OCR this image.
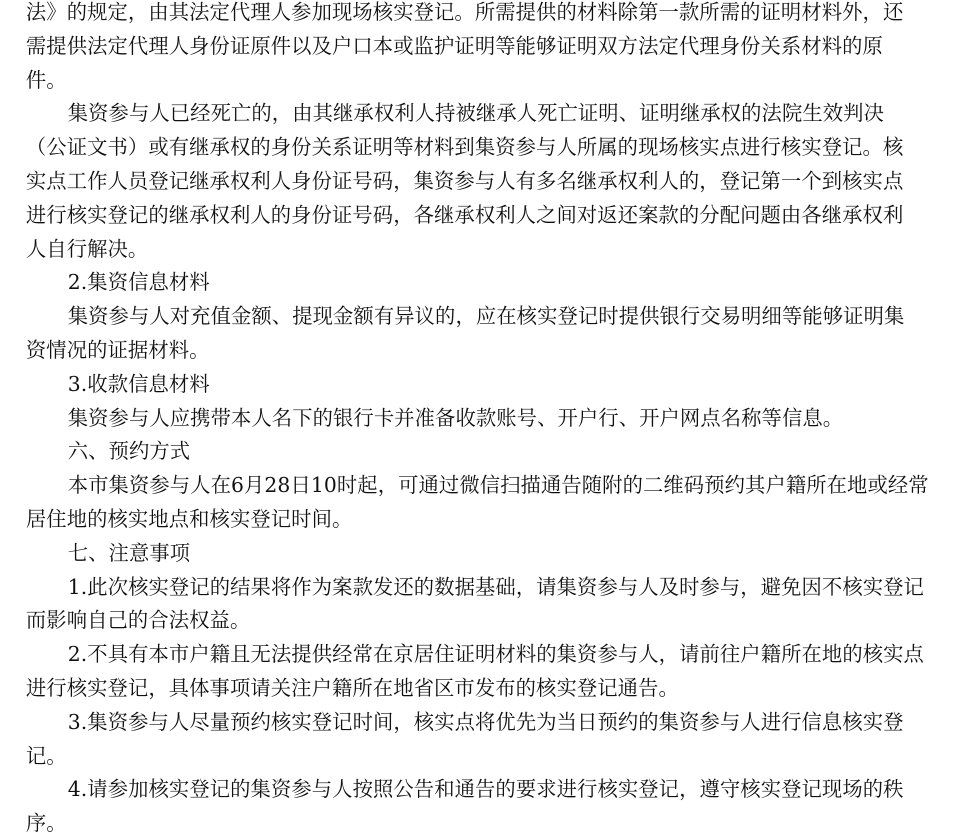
法》的规定，由其法定代理人参加现场核实登记。所需提供的材料除第一款所需的证明材料外，还
需提供法定代理人身份证原件以及户口本或监护证明等能够证明双方法定代理身份关系材料的原
件。
集资参与人已经死亡的，由其继承权利人持被继承人死亡证明、证明继承权的法院生效判决
（公证文书）或有继承权的身份关系证明等材料到集资参与人所属的现场核实点进行核实登记。核
实点工作人员登记继承权利人身份证号码，集资参与人有多名继承权利人的，登记第一个到核实点
进行核实登记的继承权利人的身份证号码，各继承权利人之间对返还案款的分配问题由各继承权利
人自行解决。
2.集资信息材料
集资参与人对充值金额、提现金额有异议的，应在核实登记时提供银行交易明细等能够证明集
资情况的证据材料。
3.收款信息材料
集资参与人应携带本人名下的银行卡并准备收款账号、开户行、开户网点名称等信息。
六、预约方式
本市集资参与人在6月28日10时起，可通过微信扫描通告随附的二维码预约其户籍所在地或经常
居住地的核实地点和核实登记时间。
七、注意事项
1.此次核实登记的结果将作为案款发还的数据基础，请集资参与人及时参与，避免因不核实登记
而影响自己的合法权益。
2.不具有本市户籍且无法提供经常在京居住证明材料的集资参与人，请前往户籍所在地的核实点
进行核实登记，具体事项请关注户籍所在地省区市发布的核实登记通告。
3.集资参与人尽量预约核实登记时间，核实点将优先为当日预约的集资参与人进行信息核实登
记。
4.请参加核实登记的集资参与人按照公告和通告的要求进行核实登记，遵守核实登记现场的秩
序。
